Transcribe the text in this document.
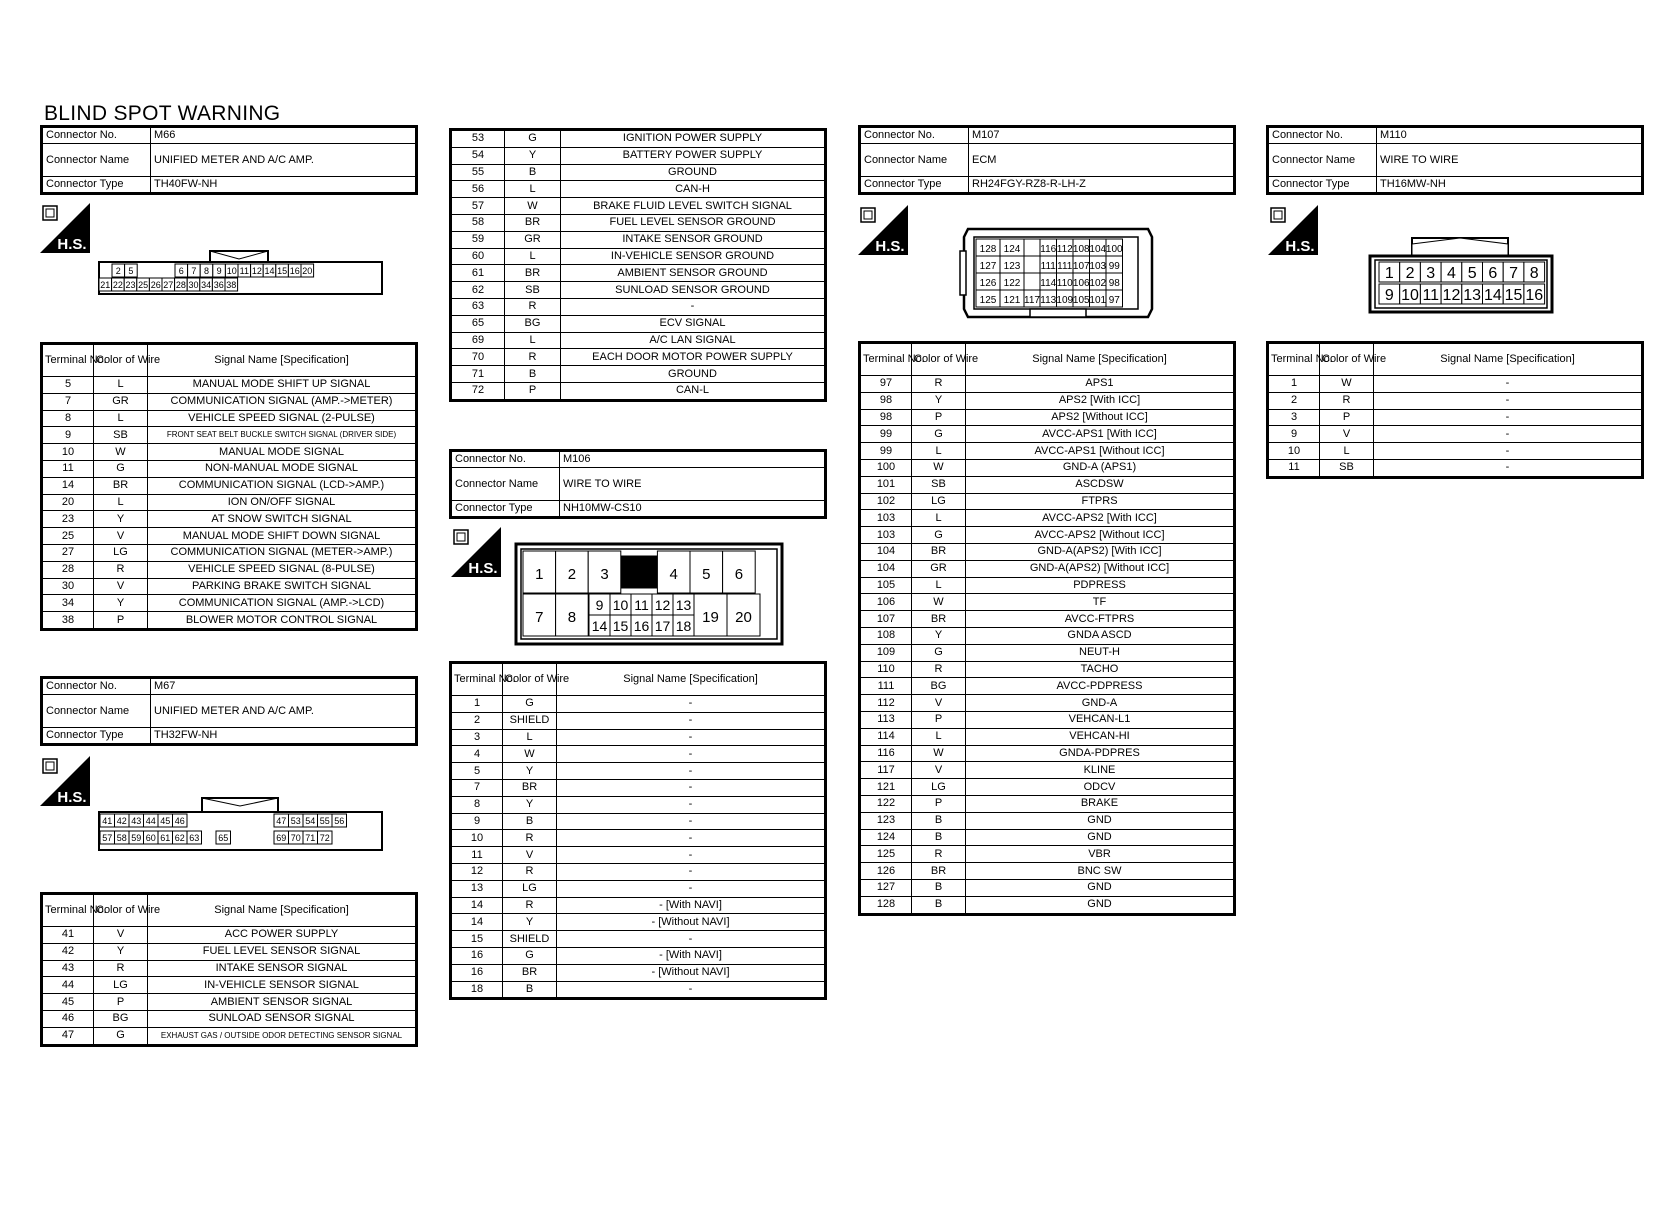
BLIND SPOT WARNING
Connector No.	M66
Connector Name	UNIFIED METER AND A/C AMP.
Connector Type	TH40FW-NH
H.S.
2 5	6 7 8 9 10 11 12 14 15 16 20
21 22 23 25 26 27 28 30 34 36 38
Terminal No.	Color of Wire	Signal Name [Specification]
5	L	MANUAL MODE SHIFT UP SIGNAL
7	GR	COMMUNICATION SIGNAL (AMP.->METER)
8	L	VEHICLE SPEED SIGNAL (2-PULSE)
9	SB	FRONT SEAT BELT BUCKLE SWITCH SIGNAL (DRIVER SIDE)
10	W	MANUAL MODE SIGNAL
11	G	NON-MANUAL MODE SIGNAL
14	BR	COMMUNICATION SIGNAL (LCD->AMP.)
20	L	ION ON/OFF SIGNAL
23	Y	AT SNOW SWITCH SIGNAL
25	V	MANUAL MODE SHIFT DOWN SIGNAL
27	LG	COMMUNICATION SIGNAL (METER->AMP.)
28	R	VEHICLE SPEED SIGNAL (8-PULSE)
30	V	PARKING BRAKE SWITCH SIGNAL
34	Y	COMMUNICATION SIGNAL (AMP.->LCD)
38	P	BLOWER MOTOR CONTROL SIGNAL
Connector No.	M67
Connector Name	UNIFIED METER AND A/C AMP.
Connector Type	TH32FW-NH
H.S.
41 42 43 44 45 46	47 53 54 55 56
57 58 59 60 61 62 63 65	69 70 71 72
Terminal No.	Color of Wire	Signal Name [Specification]
41	V	ACC POWER SUPPLY
42	Y	FUEL LEVEL SENSOR SIGNAL
43	R	INTAKE SENSOR SIGNAL
44	LG	IN-VEHICLE SENSOR SIGNAL
45	P	AMBIENT SENSOR SIGNAL
46	BG	SUNLOAD SENSOR SIGNAL
47	G	EXHAUST GAS / OUTSIDE ODOR DETECTING SENSOR SIGNAL
53	G	IGNITION POWER SUPPLY
54	Y	BATTERY POWER SUPPLY
55	B	GROUND
56	L	CAN-H
57	W	BRAKE FLUID LEVEL SWITCH SIGNAL
58	BR	FUEL LEVEL SENSOR GROUND
59	GR	INTAKE SENSOR GROUND
60	L	IN-VEHICLE SENSOR GROUND
61	BR	AMBIENT SENSOR GROUND
62	SB	SUNLOAD SENSOR GROUND
63	R	-
65	BG	ECV SIGNAL
69	L	A/C LAN SIGNAL
70	R	EACH DOOR MOTOR POWER SUPPLY
71	B	GROUND
72	P	CAN-L
Connector No.	M106
Connector Name	WIRE TO WIRE
Connector Type	NH10MW-CS10
H.S.	1 2 3	4 5 6
7 8
9 10 11 12 13
14 15 16 17 18 19 20
Terminal No.	Color of Wire	Signal Name [Specification]
1	G	-
2	SHIELD	-
3	L	-
4	W	-
5	Y	-
7	BR	-
8	Y	-
9	B	-
10	R	-
11	V	-
12	R	-
13	LG	-
14	R	- [With NAVI]
14	Y	- [Without NAVI]
15	SHIELD	-
16	G	- [With NAVI]
16	BR	- [Without NAVI]
18	B	-
Connector No.	M107
Connector Name	ECM
Connector Type	RH24FGY-RZ8-R-LH-Z
H.S.	128 124 116 112 108 104 100
127 123 111 111 107 103 99
126 122 114 110 106 102 98
125 121 117 113 109 105 101 97
Terminal No.	Color of Wire	Signal Name [Specification]
97	R	APS1
98	Y	APS2 [With ICC]
98	P	APS2 [Without ICC]
99	G	AVCC-APS1 [With ICC]
99	L	AVCC-APS1 [Without ICC]
100	W	GND-A (APS1)
101	SB	ASCDSW
102	LG	FTPRS
103	L	AVCC-APS2 [With ICC]
103	G	AVCC-APS2 [Without ICC]
104	BR	GND-A(APS2) [With ICC]
104	GR	GND-A(APS2) [Without ICC]
105	L	PDPRESS
106	W	TF
107	BR	AVCC-FTPRS
108	Y	GNDA ASCD
109	G	NEUT-H
110	R	TACHO
111	BG	AVCC-PDPRESS
112	V	GND-A
113	P	VEHCAN-L1
114	L	VEHCAN-HI
116	W	GNDA-PDPRES
117	V	KLINE
121	LG	ODCV
122	P	BRAKE
123	B	GND
124	B	GND
125	R	VBR
126	BR	BNC SW
127	B	GND
128	B	GND
Connector No.	M110
Connector Name	WIRE TO WIRE
Connector Type	TH16MW-NH
H.S.
1 2 3 4 5 6 7 8
9 10 11 12 13 14 15 16
Terminal No.	Color of Wire	Signal Name [Specification]
1	W	-
2	R	-
3	P	-
9	V	-
10	L	-
11	SB	-
